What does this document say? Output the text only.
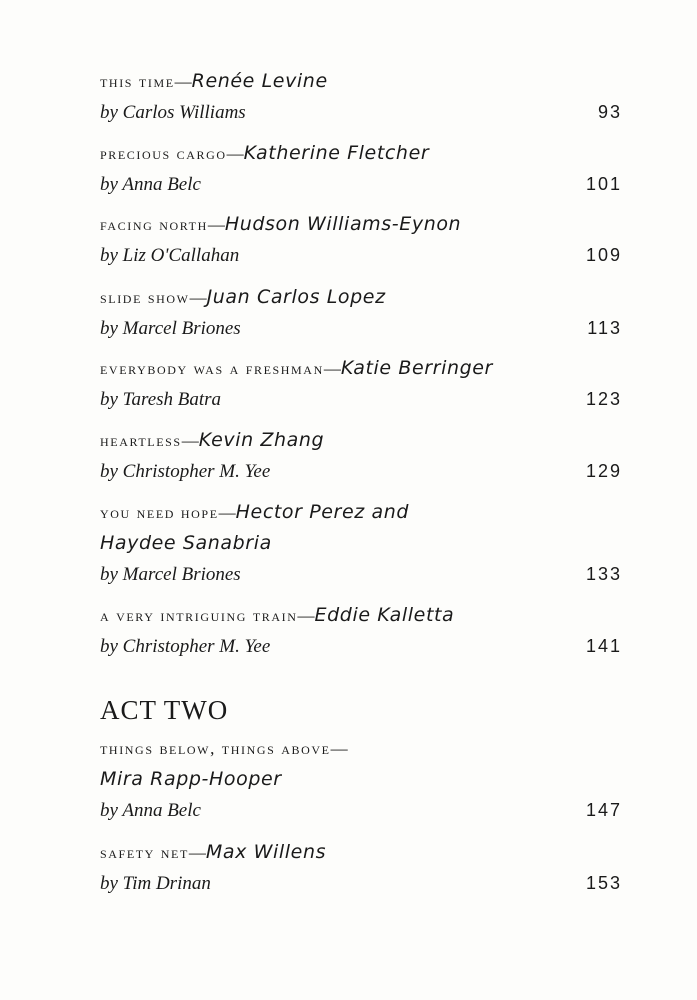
this time—Renée Levine
by Carlos Williams	93
precious cargo—Katherine Fletcher
by Anna Belc	101
facing north—Hudson Williams-Eynon
by Liz O'Callahan	109
slide show—Juan Carlos Lopez
by Marcel Briones	113
everybody was a freshman—Katie Berringer
by Taresh Batra	123
heartless—Kevin Zhang
by Christopher M. Yee	129
you need hope—Hector Perez and
Haydee Sanabria
by Marcel Briones	133
a very intriguing train—Eddie Kalletta
by Christopher M. Yee	141
ACT TWO
things below, things above—
Mira Rapp-Hooper
by Anna Belc	147
safety net—Max Willens
by Tim Drinan	153
